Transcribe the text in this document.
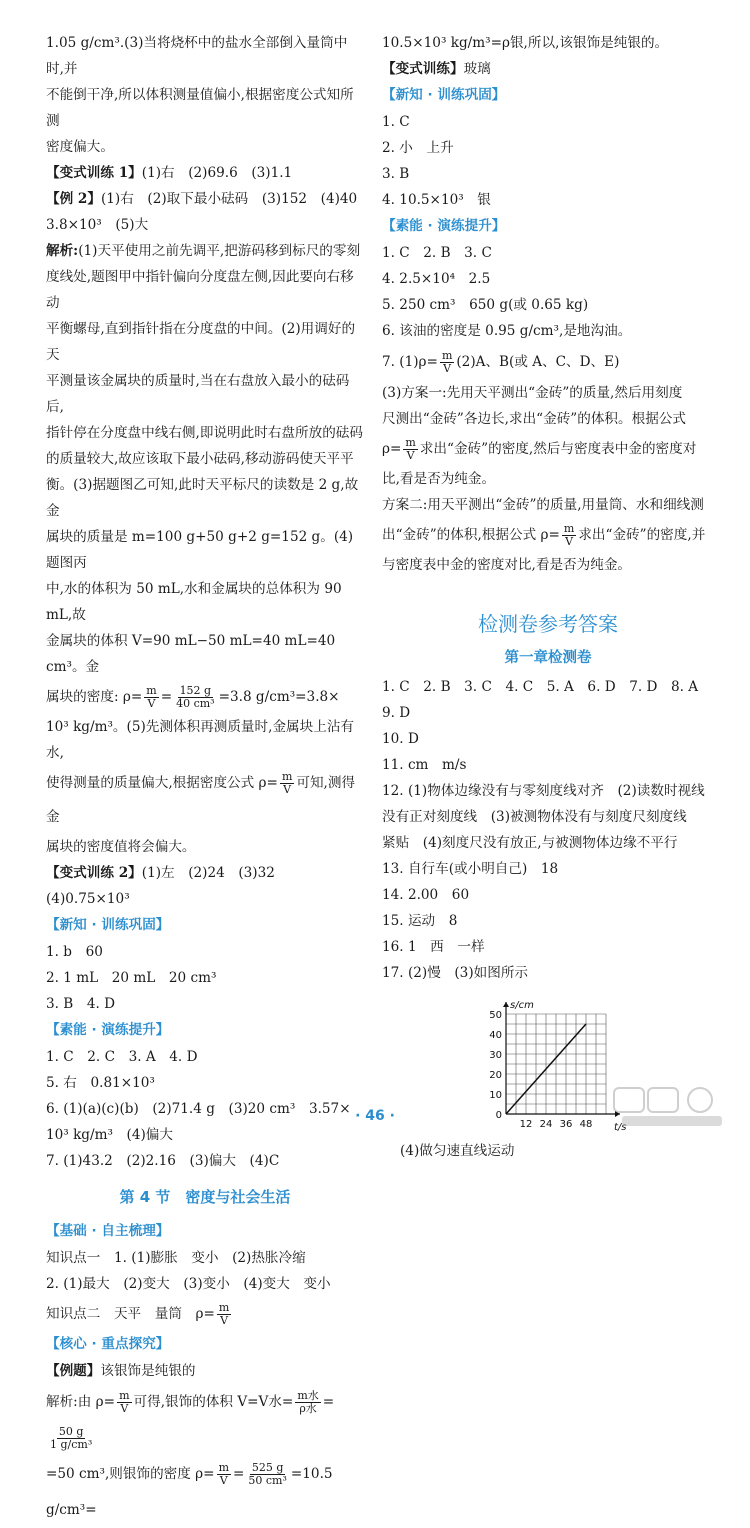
1.05 g/cm³.(3)当将烧杯中的盐水全部倒入量筒中时,并

不能倒干净,所以体积测量值偏小,根据密度公式知所测

密度偏大。

【变式训练 1】(1)右　(2)69.6　(3)1.1

【例 2】(1)右　(2)取下最小砝码　(3)152　(4)40

3.8×10³　(5)大

解析:(1)天平使用之前先调平,把游码移到标尺的零刻

度线处,题图甲中指针偏向分度盘左侧,因此要向右移动

平衡螺母,直到指针指在分度盘的中间。(2)用调好的天

平测量该金属块的质量时,当在右盘放入最小的砝码后,

指针停在分度盘中线右侧,即说明此时右盘所放的砝码

的质量较大,故应该取下最小砝码,移动游码使天平平

衡。(3)据题图乙可知,此时天平标尺的读数是 2 g,故金

属块的质量是 m=100 g+50 g+2 g=152 g。(4)题图丙

中,水的体积为 50 mL,水和金属块的总体积为 90 mL,故

金属块的体积 V=90 mL−50 mL=40 mL=40 cm³。金

属块的密度: $\rho= \frac{m}{V} = \frac{152 g}{\text{40 cm³}} =3.8$ g/cm³=3.8×

10³ kg/m³。(5)先测体积再测质量时,金属块上沾有水,

使得测量的质量偏大,根据密度公式 $\rho= \frac{m}{V}$ 可知,测得金

属块的密度值将会偏大。

【变式训练 2】(1)左　(2)24　(3)32　(4)0.75×10³

【新知 · 训练巩固】

1. b　60

2. 1 mL　20 mL　20 cm³

3. B　4. D

【素能 · 演练提升】

1. C　2. C　3. A　4. D

5. 右　0.81×10³

6. (1)(a)(c)(b)　(2)71.4 g　(3)20 cm³　3.57×

10³ kg/m³　(4)偏大

7. (1)43.2　(2)2.16　(3)偏大　(4)C

第 4 节　密度与社会生活
【基础 · 自主梳理】

知识点一　1. (1)膨胀　变小　(2)热胀冷缩

2. (1)最大　(2)变大　(3)变小　(4)变大　变小

知识点二　天平　量筒　$\rho= \frac{m}{V}$

【核心 · 重点探究】

【例题】该银饰是纯银的

解析:由 $\rho= \frac{m}{V}$ 可得,银饰的体积 V=V水= $\frac{\text{m水}}{\text{ρ水}}$ =
$\frac{50 g}{\text{1 g/cm³}}$

=50 cm³,则银饰的密度 $\rho= \frac{m}{V} = \frac{525 g}{\text{50 cm³}} =10.5$ g/cm³=

10.5×10³ kg/m³=ρ银,所以,该银饰是纯银的。

【变式训练】玻璃

【新知 · 训练巩固】

1. C

2. 小　上升

3. B

4. 10.5×10³　银

【素能 · 演练提升】

1. C　2. B　3. C

4. 2.5×10⁴　2.5

5. 250 cm³　650 g(或 0.65 kg)

6. 该油的密度是 0.95 g/cm³,是地沟油。

7. $(1)\rho= \frac{m}{V} (2)A$、B(或 A、C、D、E)

(3)方案一:先用天平测出“金砖”的质量,然后用刻度

尺测出“金砖”各边长,求出“金砖”的体积。根据公式

$\rho= \frac{m}{V}$ 求出“金砖”的密度,然后与密度表中金的密度对

比,看是否为纯金。

方案二:用天平测出“金砖”的质量,用量筒、水和细线测

出“金砖”的体积,根据公式 $\rho= \frac{m}{V}$ 求出“金砖”的密度,并

与密度表中金的密度对比,看是否为纯金。

检测卷参考答案
第一章检测卷

1. C　2. B　3. C　4. C　5. A　6. D　7. D　8. A　9. D

10. D

11. cm　m/s

12. (1)物体边缘没有与零刻度线对齐　(2)读数时视线

没有正对刻度线　(3)被测物体没有与刻度尺刻度线

紧贴　(4)刻度尺没有放正,与被测物体边缘不平行

13. 自行车(或小明自己)　18

14. 2.00　60

15. 运动　8

16. 1　西　一样

17. (2)慢　(3)如图所示

0
10
20
30
40
50
12 24 36 48
s/cm
t/s

(4)做匀速直线运动

· 46 ·
